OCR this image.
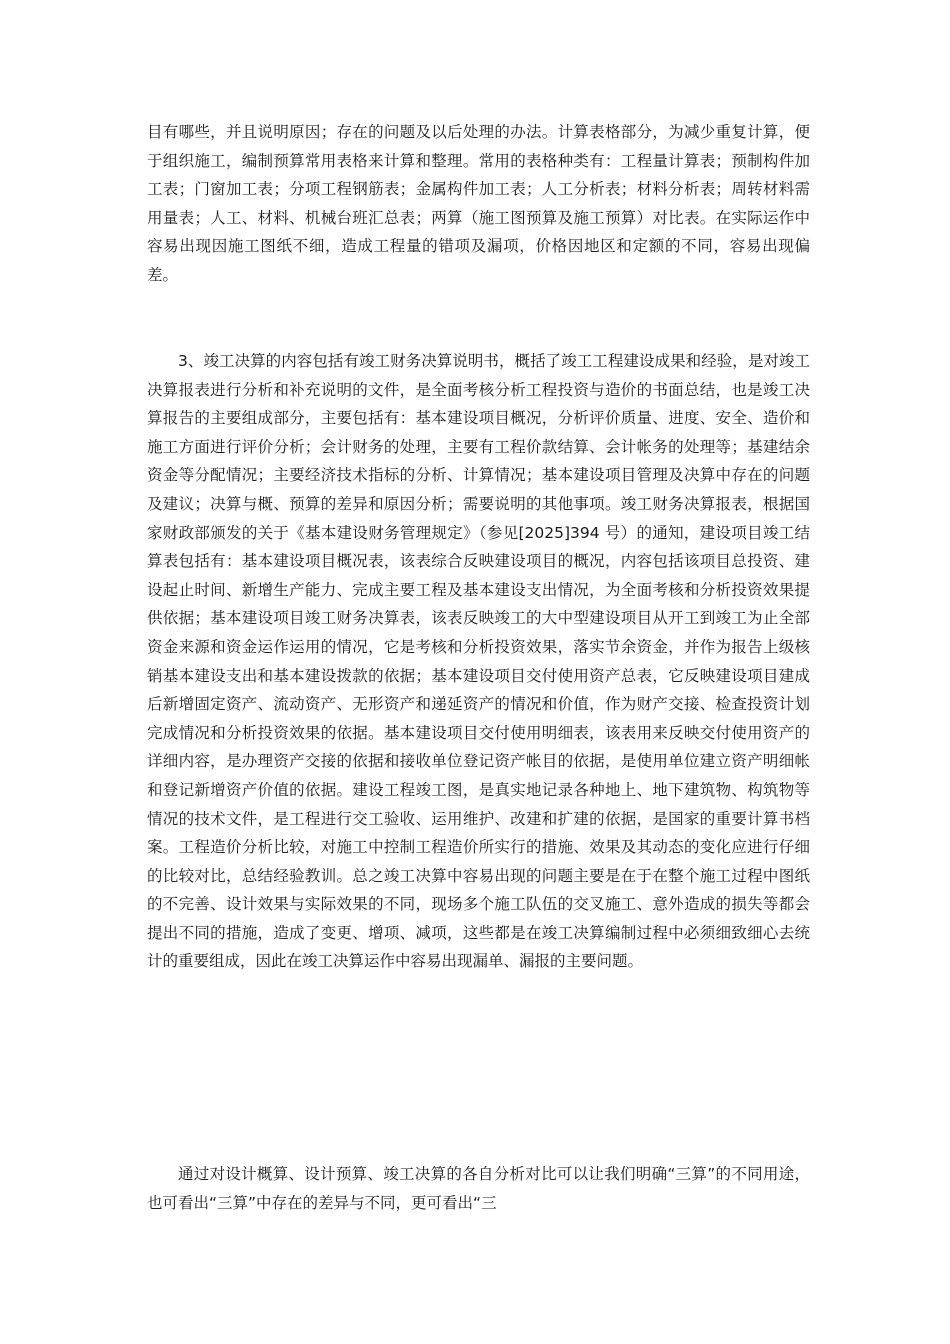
目有哪些，并且说明原因；存在的问题及以后处理的办法。计算表格部分，为减少重复计算，便于组织施工，编制预算常用表格来计算和整理。常用的表格种类有：工程量计算表；预制构件加工表；门窗加工表；分项工程钢筋表；金属构件加工表；人工分析表；材料分析表；周转材料需用量表；人工、材料、机械台班汇总表；两算（施工图预算及施工预算）对比表。在实际运作中容易出现因施工图纸不细，造成工程量的错项及漏项，价格因地区和定额的不同，容易出现偏差。

3、竣工决算的内容包括有竣工财务决算说明书，概括了竣工工程建设成果和经验，是对竣工决算报表进行分析和补充说明的文件，是全面考核分析工程投资与造价的书面总结，也是竣工决算报告的主要组成部分，主要包括有：基本建设项目概况，分析评价质量、进度、安全、造价和施工方面进行评价分析；会计财务的处理，主要有工程价款结算、会计帐务的处理等；基建结余资金等分配情况；主要经济技术指标的分析、计算情况；基本建设项目管理及决算中存在的问题及建议；决算与概、预算的差异和原因分析；需要说明的其他事项。竣工财务决算报表，根据国家财政部颁发的关于《基本建设财务管理规定》（参见[2025]394 号）的通知，建设项目竣工结算表包括有：基本建设项目概况表，该表综合反映建设项目的概况，内容包括该项目总投资、建设起止时间、新增生产能力、完成主要工程及基本建设支出情况，为全面考核和分析投资效果提供依据；基本建设项目竣工财务决算表，该表反映竣工的大中型建设项目从开工到竣工为止全部资金来源和资金运作运用的情况，它是考核和分析投资效果，落实节余资金，并作为报告上级核销基本建设支出和基本建设拨款的依据；基本建设项目交付使用资产总表，它反映建设项目建成后新增固定资产、流动资产、无形资产和递延资产的情况和价值，作为财产交接、检查投资计划完成情况和分析投资效果的依据。基本建设项目交付使用明细表，该表用来反映交付使用资产的详细内容，是办理资产交接的依据和接收单位登记资产帐目的依据，是使用单位建立资产明细帐和登记新增资产价值的依据。建设工程竣工图，是真实地记录各种地上、地下建筑物、构筑物等情况的技术文件，是工程进行交工验收、运用维护、改建和扩建的依据，是国家的重要计算书档案。工程造价分析比较，对施工中控制工程造价所实行的措施、效果及其动态的变化应进行仔细的比较对比，总结经验教训。总之竣工决算中容易出现的问题主要是在于在整个施工过程中图纸的不完善、设计效果与实际效果的不同，现场多个施工队伍的交叉施工、意外造成的损失等都会提出不同的措施，造成了变更、增项、减项，这些都是在竣工决算编制过程中必须细致细心去统计的重要组成，因此在竣工决算运作中容易出现漏单、漏报的主要问题。

通过对设计概算、设计预算、竣工决算的各自分析对比可以让我们明确“三算”的不同用途，也可看出“三算”中存在的差异与不同，更可看出“三
